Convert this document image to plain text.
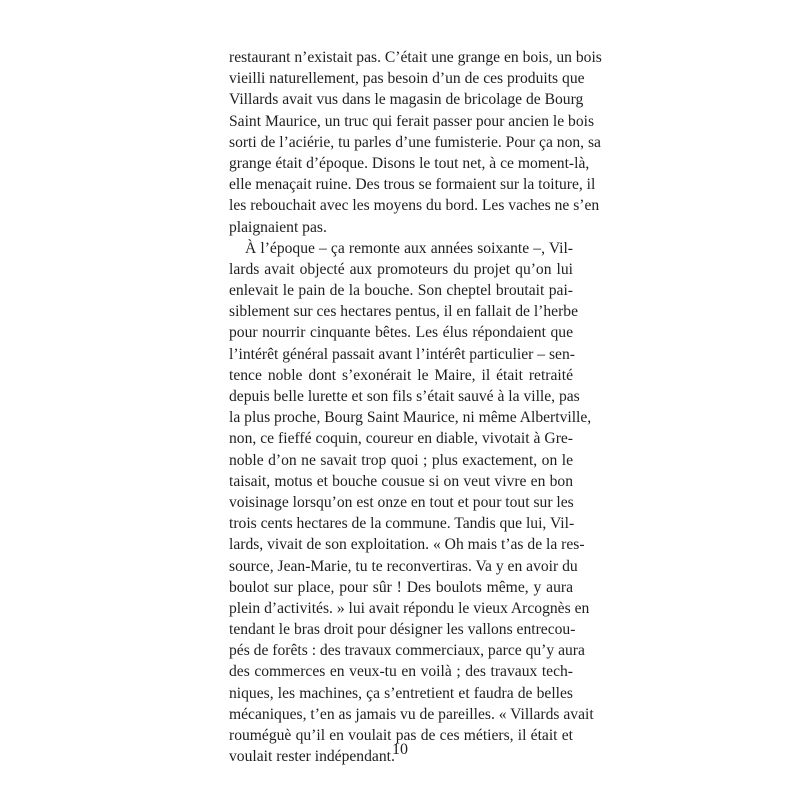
restaurant n’existait pas. C’était une grange en bois, un bois
vieilli naturellement, pas besoin d’un de ces produits que
Villards avait vus dans le magasin de bricolage de Bourg
Saint Maurice, un truc qui ferait passer pour ancien le bois
sorti de l’aciérie, tu parles d’une fumisterie. Pour ça non, sa
grange était d’époque. Disons le tout net, à ce moment-là,
elle menaçait ruine. Des trous se formaient sur la toiture, il
les rebouchait avec les moyens du bord. Les vaches ne s’en
plaignaient pas.
À l’époque – ça remonte aux années soixante –, Vil-
lards avait objecté aux promoteurs du projet qu’on lui
enlevait le pain de la bouche. Son cheptel broutait pai-
siblement sur ces hectares pentus, il en fallait de l’herbe
pour nourrir cinquante bêtes. Les élus répondaient que
l’intérêt général passait avant l’intérêt particulier – sen-
tence noble dont s’exonérait le Maire, il était retraité
depuis belle lurette et son fils s’était sauvé à la ville, pas
la plus proche, Bourg Saint Maurice, ni même Albertville,
non, ce fieffé coquin, coureur en diable, vivotait à Gre-
noble d’on ne savait trop quoi ; plus exactement, on le
taisait, motus et bouche cousue si on veut vivre en bon
voisinage lorsqu’on est onze en tout et pour tout sur les
trois cents hectares de la commune. Tandis que lui, Vil-
lards, vivait de son exploitation. « Oh mais t’as de la res-
source, Jean-Marie, tu te reconvertiras. Va y en avoir du
boulot sur place, pour sûr ! Des boulots même, y aura
plein d’activités. » lui avait répondu le vieux Arcognès en
tendant le bras droit pour désigner les vallons entrecou-
pés de forêts : des travaux commerciaux, parce qu’y aura
des commerces en veux-tu en voilà ; des travaux tech-
niques, les machines, ça s’entretient et faudra de belles
mécaniques, t’en as jamais vu de pareilles. « Villards avait
rouméguè qu’il en voulait pas de ces métiers, il était et
voulait rester indépendant.
10
